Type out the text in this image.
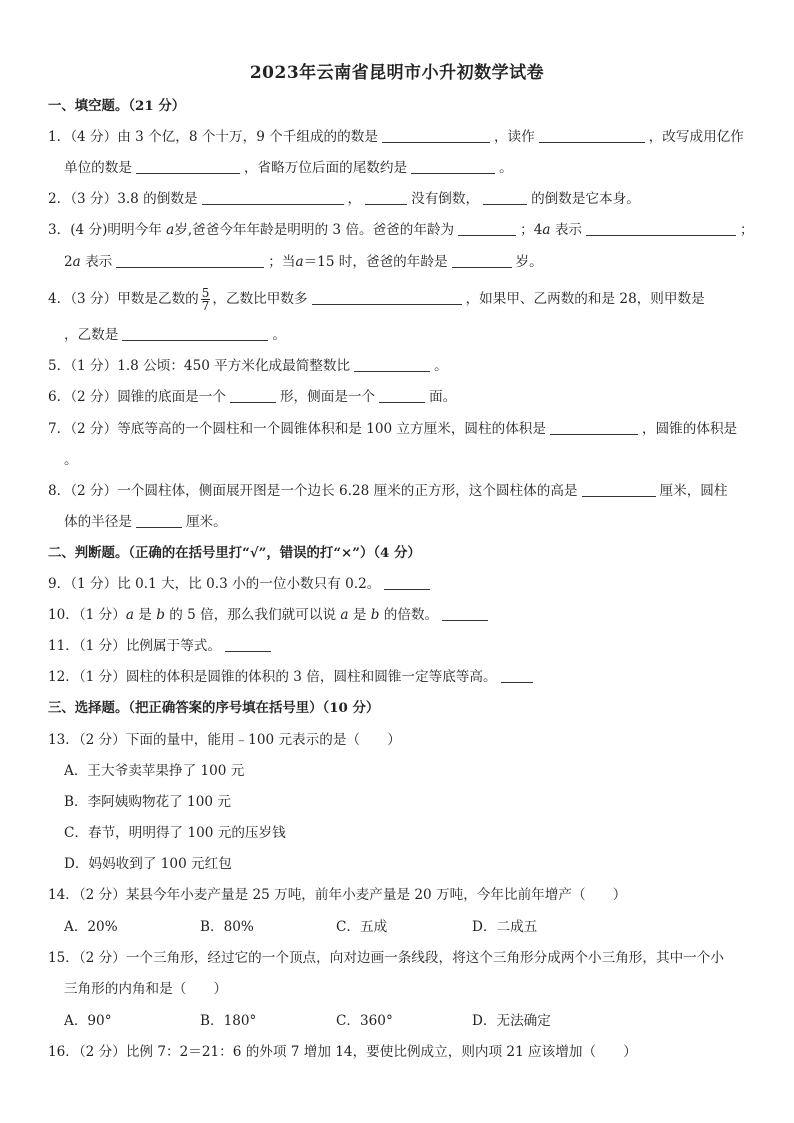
2023年云南省昆明市小升初数学试卷
一、填空题。（21 分）
1．（4 分）由 3 个亿，8 个十万，9 个千组成的的数是	，读作	，改写成用亿作
单位的数是	，省略万位后面的尾数约是	。
2．（3 分）3.8 的倒数是	，	没有倒数，	的倒数是它本身。
3．(4 分)明明今年 a岁,爸爸今年年龄是明明的 3 倍。爸爸的年龄为	；4a 表示	；
2a 表示	；当a＝15 时，爸爸的年龄是	岁。
4．（3 分）甲数是乙数的 $\frac{5}{7}$ ，乙数比甲数多	，如果甲、乙两数的和是 28，则甲数是
，乙数是	。
5．（1 分）1.8 公顷：450 平方米化成最简整数比	。
6．（2 分）圆锥的底面是一个	形，侧面是一个	面。
7．（2 分）等底等高的一个圆柱和一个圆锥体积和是 100 立方厘米，圆柱的体积是	，圆锥的体积是
。
8．（2 分）一个圆柱体，侧面展开图是一个边长 6.28 厘米的正方形，这个圆柱体的高是	厘米，圆柱
体的半径是	厘米。
二、判断题。（正确的在括号里打“√”，错误的打“×”）（4 分）
9．（1 分）比 0.1 大，比 0.3 小的一位小数只有 0.2。
10．（1 分）a 是 b 的 5 倍，那么我们就可以说 a 是 b 的倍数。
11．（1 分）比例属于等式。
12．（1 分）圆柱的体积是圆锥的体积的 3 倍，圆柱和圆锥一定等底等高。
三、选择题。（把正确答案的序号填在括号里）（10 分）
13．（2 分）下面的量中，能用﹣100 元表示的是（　　）
A．王大爷卖苹果挣了 100 元
B．李阿姨购物花了 100 元
C．春节，明明得了 100 元的压岁钱
D．妈妈收到了 100 元红包
14．（2 分）某县今年小麦产量是 25 万吨，前年小麦产量是 20 万吨，今年比前年增产（　　）
A．20%	B．80%	C．五成	D．二成五
15．（2 分）一个三角形，经过它的一个顶点，向对边画一条线段，将这个三角形分成两个小三角形，其中一个小
三角形的内角和是（　　）
A．90°	B．180°	C．360°	D．无法确定
16．（2 分）比例 7：2＝21：6 的外项 7 增加 14，要使比例成立，则内项 21 应该增加（　　）
